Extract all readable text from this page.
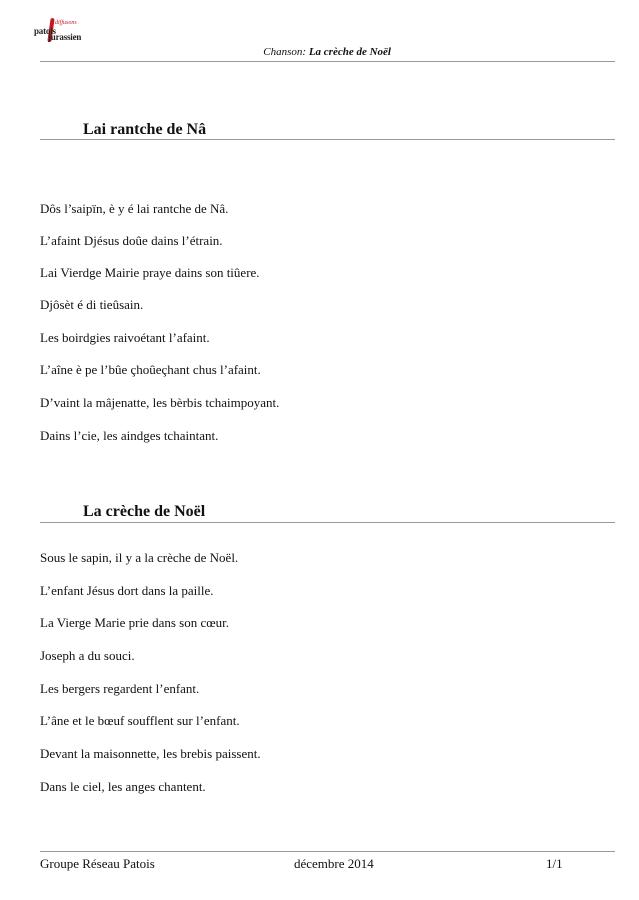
diffusons
patois
jurassien
Chanson: La crèche de Noël
Lai rantche de Nâ
Dôs l’saipïn, è y é lai rantche de Nâ.
L’afaint Djésus doûe dains l’étrain.
Lai Vierdge Mairie praye dains son tiûere.
Djôsèt é di tieûsain.
Les boirdgies raivoétant l’afaint.
L’aîne è pe l’bûe çhoûeçhant chus l’afaint.
D’vaint la mâjenatte, les bèrbis tchaimpoyant.
Dains l’cie, les aindges tchaintant.
La crèche de Noël
Sous le sapin, il y a la crèche de Noël.
L’enfant Jésus dort dans la paille.
La Vierge Marie prie dans son cœur.
Joseph a du souci.
Les bergers regardent l’enfant.
L’âne et le bœuf soufflent sur l’enfant.
Devant la maisonnette, les brebis paissent.
Dans le ciel, les anges chantent.
Groupe Réseau Patois	décembre 2014	1/1
